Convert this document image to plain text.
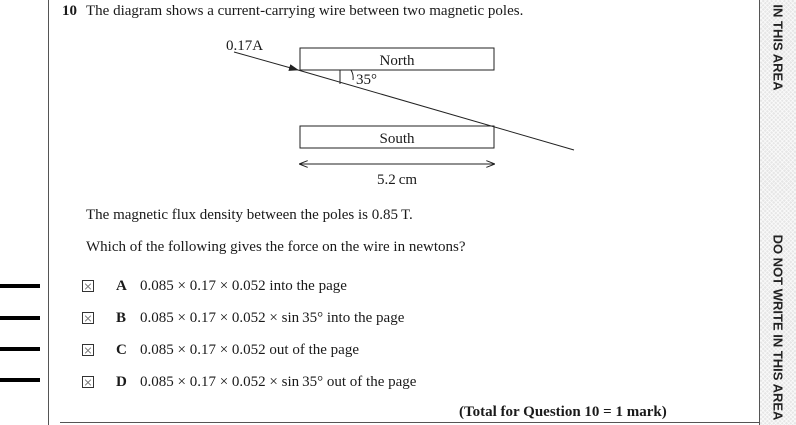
IN THIS AREA
DO NOT WRITE IN THIS AREA
10 The diagram shows a current-carrying wire between two magnetic poles.
0.17A
North
South
35°
5.2 cm
The magnetic flux density between the poles is 0.85 T.
Which of the following gives the force on the wire in newtons?
A 0.085 × 0.17 × 0.052 into the page
B 0.085 × 0.17 × 0.052 × sin 35° into the page
C 0.085 × 0.17 × 0.052 out of the page
D 0.085 × 0.17 × 0.052 × sin 35° out of the page
(Total for Question 10 = 1 mark)
